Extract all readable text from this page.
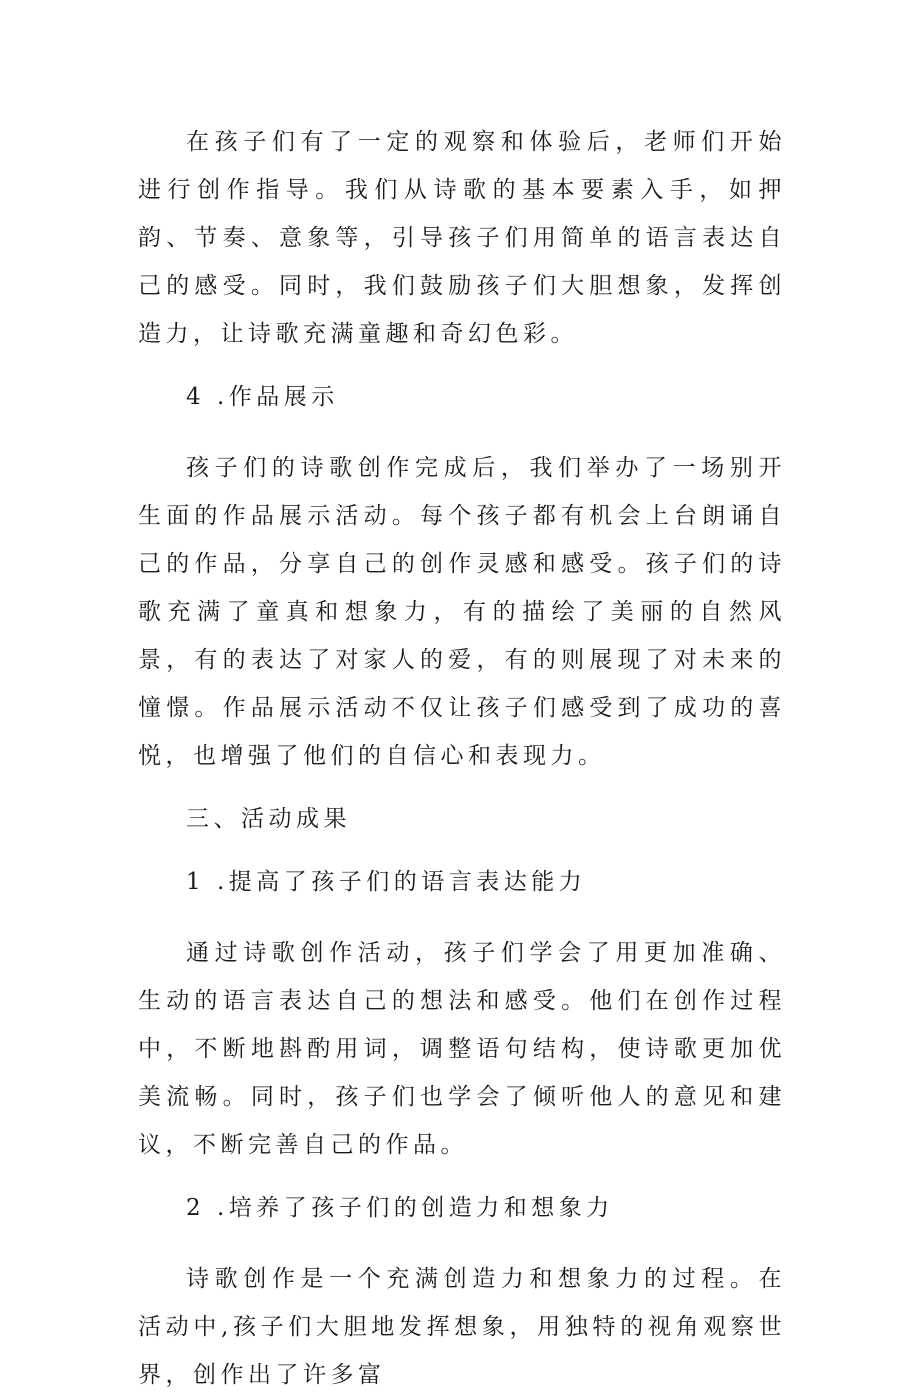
在孩子们有了一定的观察和体验后，老师们开始进行创作指导。我们从诗歌的基本要素入手，如押韵、节奏、意象等，引导孩子们用简单的语言表达自己的感受。同时，我们鼓励孩子们大胆想象，发挥创造力，让诗歌充满童趣和奇幻色彩。

4 .作品展示

孩子们的诗歌创作完成后，我们举办了一场别开生面的作品展示活动。每个孩子都有机会上台朗诵自己的作品，分享自己的创作灵感和感受。孩子们的诗歌充满了童真和想象力，有的描绘了美丽的自然风景，有的表达了对家人的爱，有的则展现了对未来的憧憬。作品展示活动不仅让孩子们感受到了成功的喜悦，也增强了他们的自信心和表现力。

三、活动成果

1 .提高了孩子们的语言表达能力

通过诗歌创作活动，孩子们学会了用更加准确、生动的语言表达自己的想法和感受。他们在创作过程中，不断地斟酌用词，调整语句结构，使诗歌更加优美流畅。同时，孩子们也学会了倾听他人的意见和建议，不断完善自己的作品。

2 .培养了孩子们的创造力和想象力

诗歌创作是一个充满创造力和想象力的过程。在活动中,孩子们大胆地发挥想象，用独特的视角观察世界，创作出了许多富
